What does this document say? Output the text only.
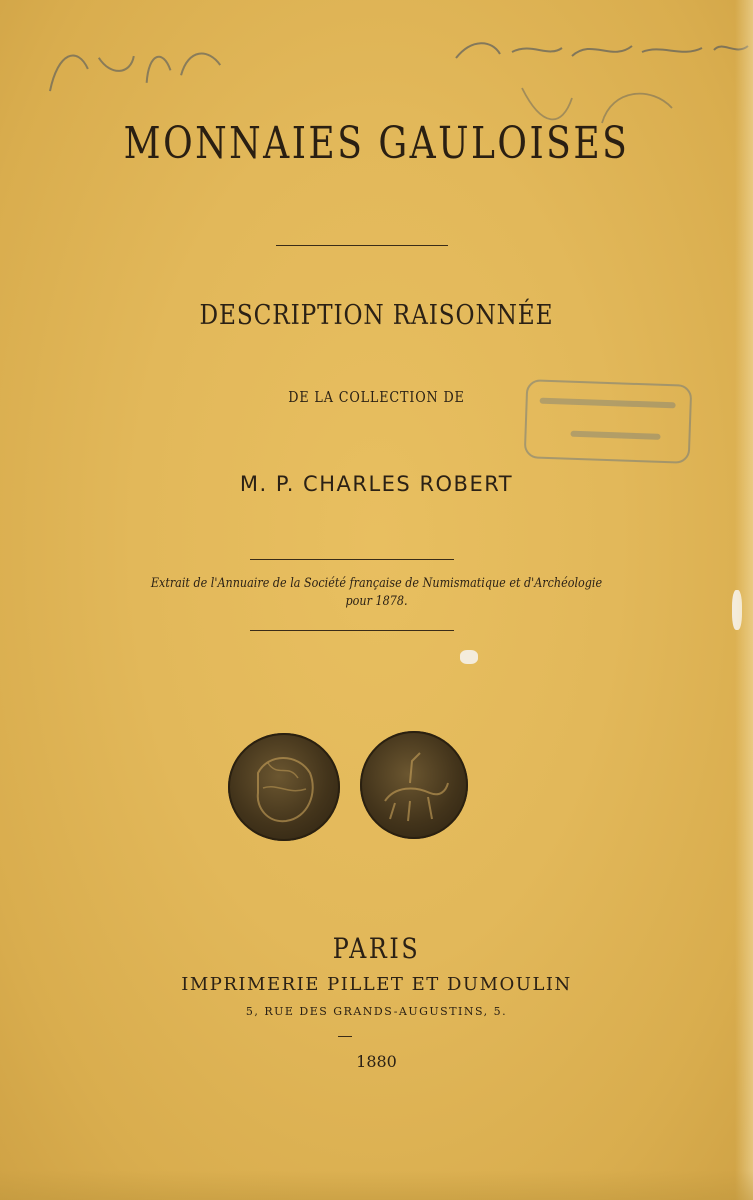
MONNAIES GAULOISES
DESCRIPTION RAISONNÉE
DE LA COLLECTION DE
M. P. CHARLES ROBERT
Extrait de l'Annuaire de la Société française de Numismatique et d'Archéologie
pour 1878.
PARIS
IMPRIMERIE PILLET ET DUMOULIN
5, RUE DES GRANDS-AUGUSTINS, 5.
1880
